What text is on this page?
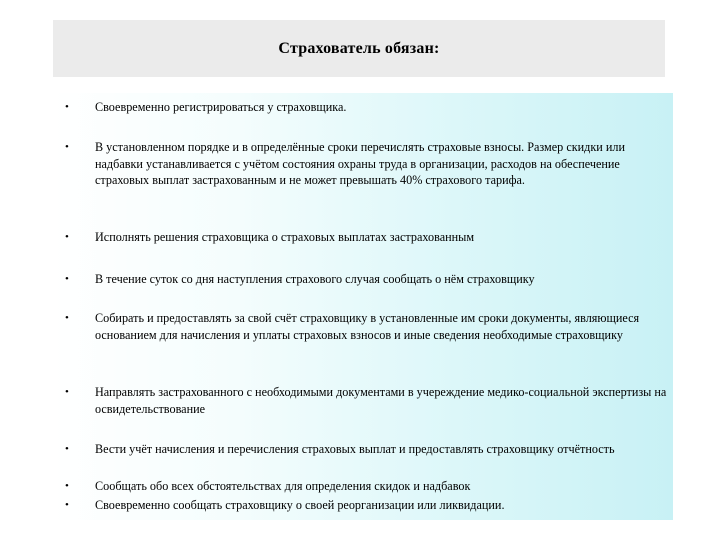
Страхователь обязан:
• Своевременно регистрироваться у страховщика.
• В установленном порядке и в определённые сроки перечислять страховые взносы. Размер скидки или надбавки устанавливается с учётом состояния охраны труда в организации, расходов на обеспечение страховых выплат застрахованным и не может превышать 40% страхового тарифа.
• Исполнять решения страховщика о страховых выплатах застрахованным
• В течение суток со дня наступления страхового случая сообщать о нём страховщику
• Собирать и предоставлять за свой счёт страховщику в установленные им сроки документы, являющиеся основанием для начисления и уплаты страховых взносов и иные сведения необходимые страховщику
• Направлять застрахованного с необходимыми документами в учереждение медико-социальной экспертизы на освидетельствование
• Вести учёт начисления и перечисления страховых выплат и предоставлять страховщику отчётность
• Сообщать обо всех обстоятельствах для определения скидок и надбавок
• Своевременно сообщать страховщику о своей реорганизации или ликвидации.
